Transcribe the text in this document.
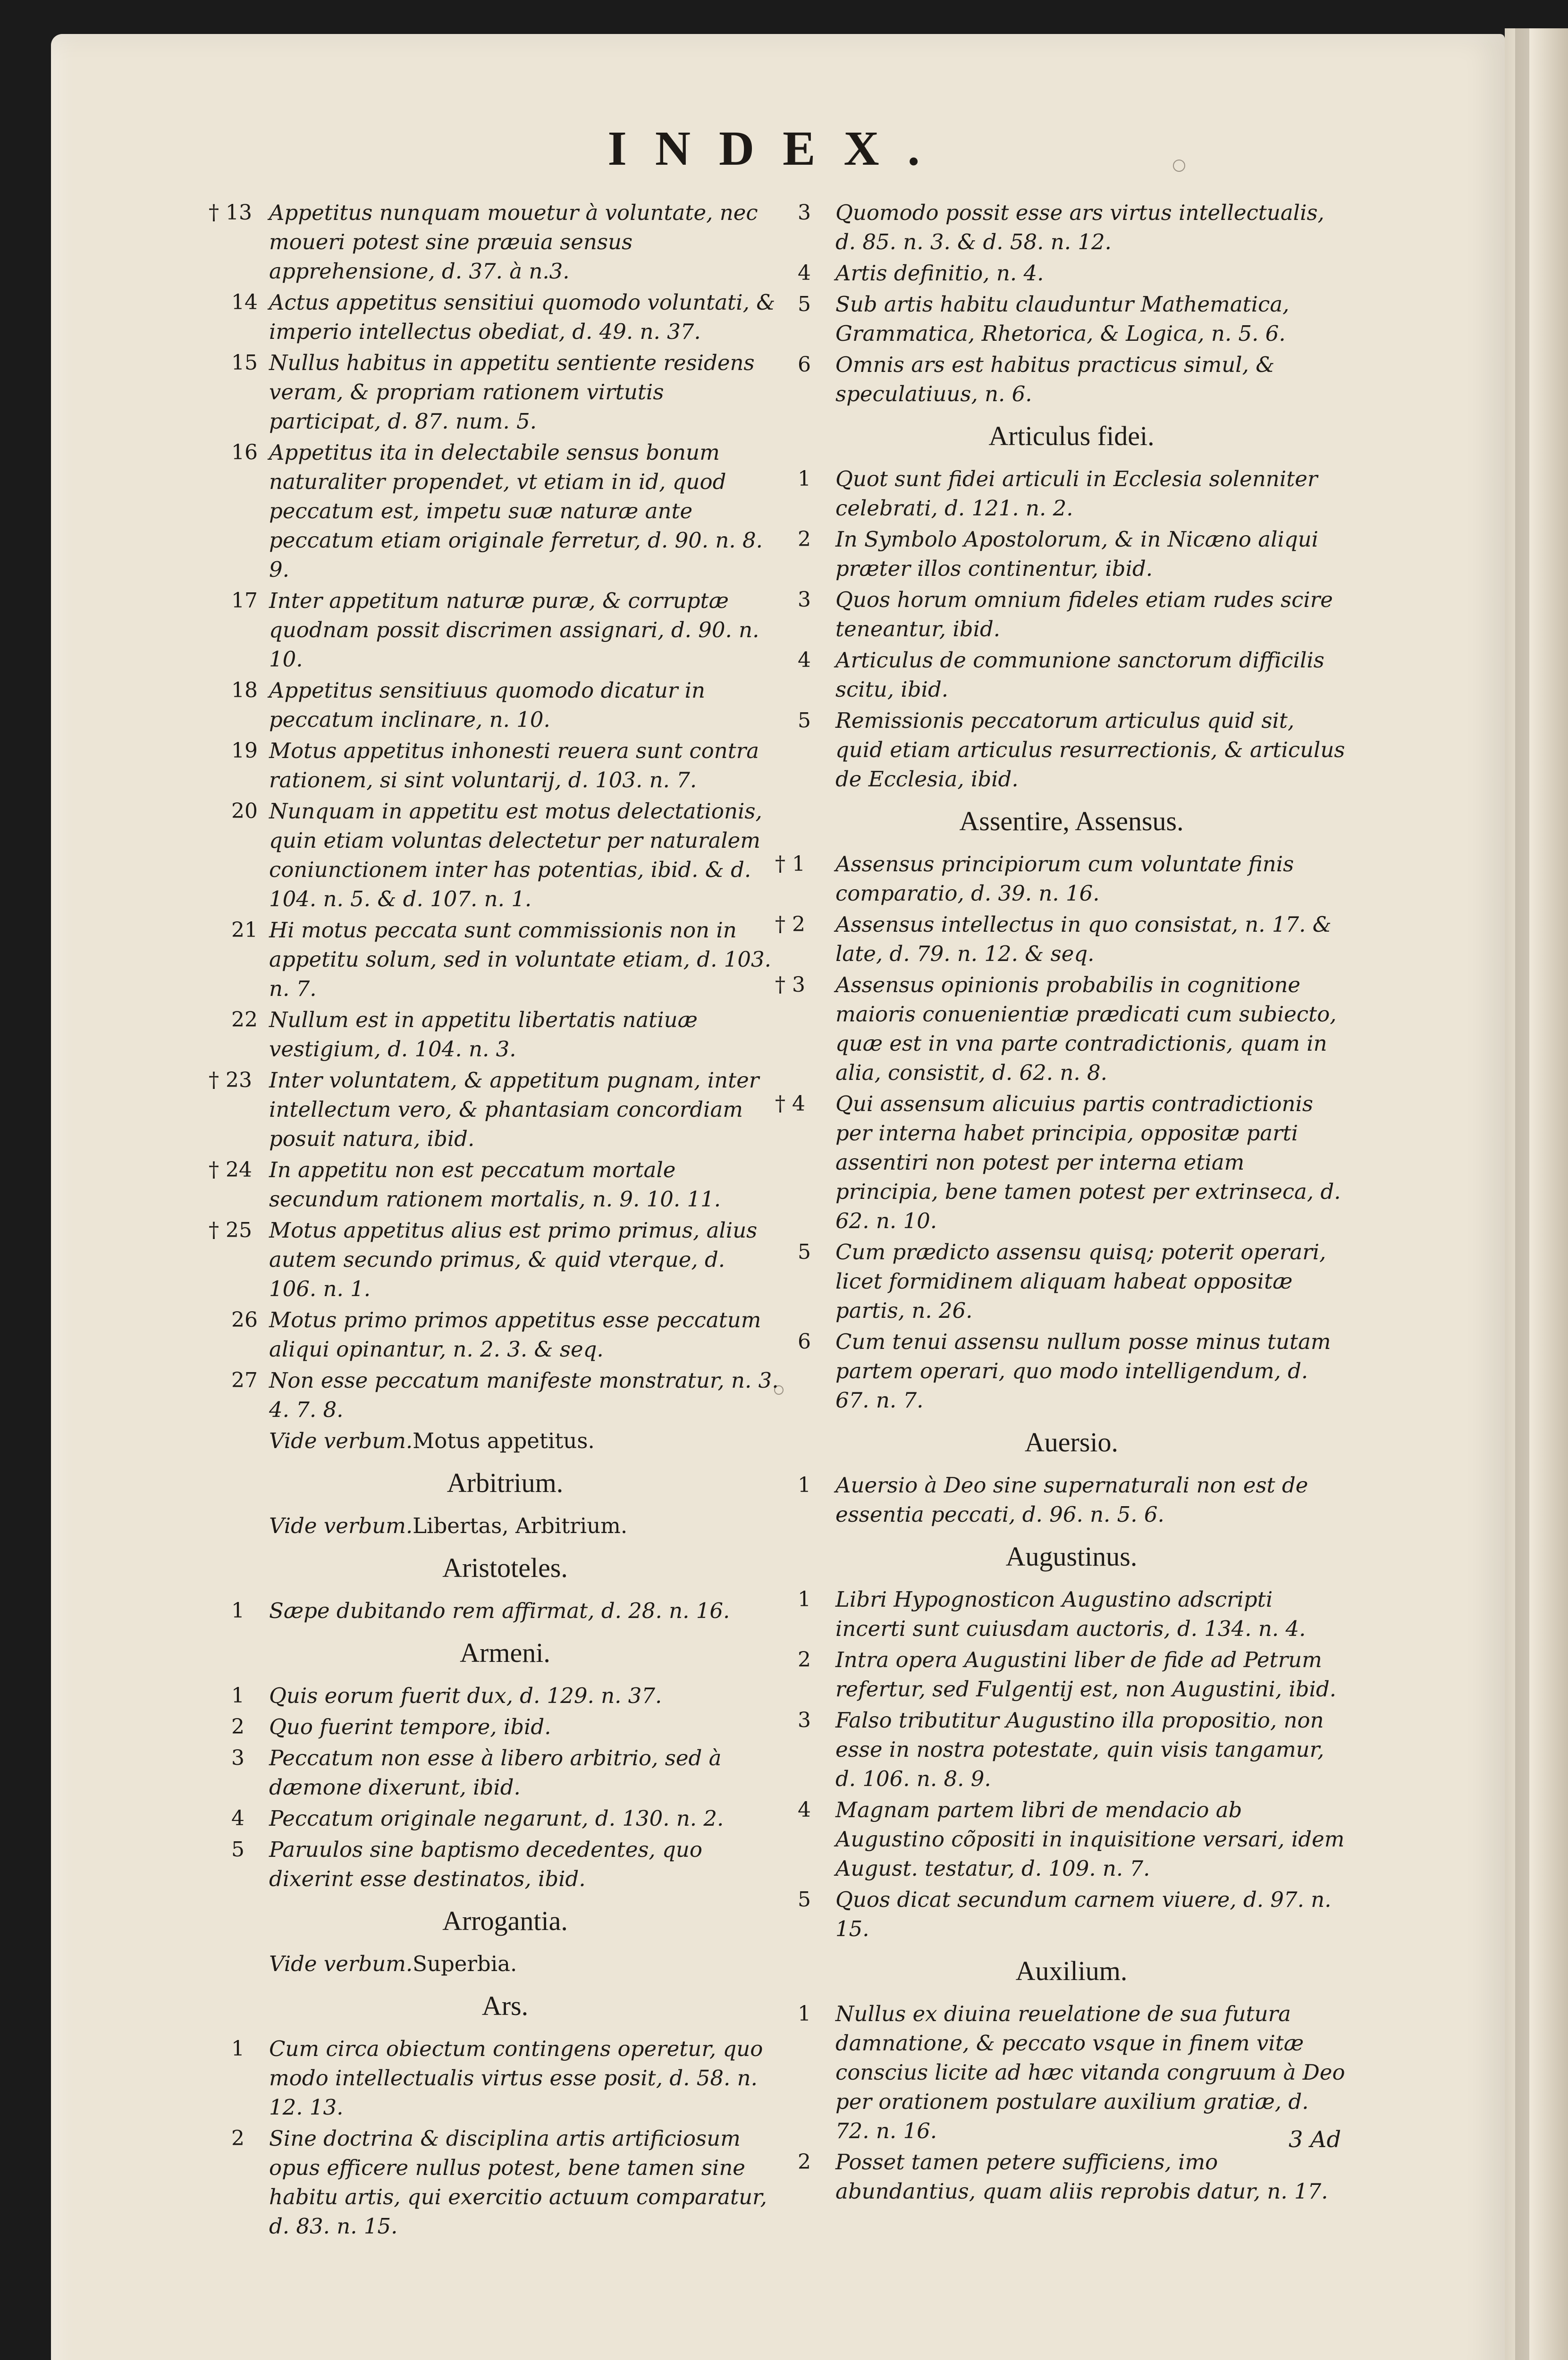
INDEX.
† 13 Appetitus nunquam mouetur à voluntate, nec moueri potest sine præuia sensus apprehensione, d. 37. à n.3.
14 Actus appetitus sensitiui quomodo voluntati, & imperio intellectus obediat, d. 49. n. 37.
15 Nullus habitus in appetitu sentiente residens veram, & propriam rationem virtutis participat, d. 87. num. 5.
16 Appetitus ita in delectabile sensus bonum naturaliter propendet, vt etiam in id, quod peccatum est, impetu suæ naturæ ante peccatum etiam originale ferretur, d. 90. n. 8. 9.
17 Inter appetitum naturæ puræ, & corruptæ quodnam possit discrimen assignari, d. 90. n. 10.
18 Appetitus sensitiuus quomodo dicatur in peccatum inclinare, n. 10.
19 Motus appetitus inhonesti reuera sunt contra rationem, si sint voluntarij, d. 103. n. 7.
20 Nunquam in appetitu est motus delectationis, quin etiam voluntas delectetur per naturalem coniunctionem inter has potentias, ibid. & d. 104. n. 5. & d. 107. n. 1.
21 Hi motus peccata sunt commissionis non in appetitu solum, sed in voluntate etiam, d. 103. n. 7.
22 Nullum est in appetitu libertatis natiuæ vestigium, d. 104. n. 3.
† 23 Inter voluntatem, & appetitum pugnam, inter intellectum vero, & phantasiam concordiam posuit natura, ibid.
† 24 In appetitu non est peccatum mortale secundum rationem mortalis, n. 9. 10. 11.
† 25 Motus appetitus alius est primo primus, alius autem secundo primus, & quid vterque, d. 106. n. 1.
26 Motus primo primos appetitus esse peccatum aliqui opinantur, n. 2. 3. & seq.
27 Non esse peccatum manifeste monstratur, n. 3. 4. 7. 8.
Vide verbum.Motus appetitus.
Arbitrium.
Vide verbum.Libertas, Arbitrium.
Aristoteles.
1	Sæpe dubitando rem affirmat, d. 28. n. 16.
Armeni.
1	Quis eorum fuerit dux, d. 129. n. 37.
2	Quo fuerint tempore, ibid.
3	Peccatum non esse à libero arbitrio, sed à dæmone dixerunt, ibid.
4	Peccatum originale negarunt, d. 130. n. 2.
5	Paruulos sine baptismo decedentes, quo dixerint esse destinatos, ibid.
Arrogantia.
Vide verbum.Superbia.
Ars.
1	Cum circa obiectum contingens operetur, quo modo intellectualis virtus esse posit, d. 58. n. 12. 13.
2	Sine doctrina & disciplina artis artificiosum opus efficere nullus potest, bene tamen sine habitu artis, qui exercitio actuum comparatur, d. 83. n. 15.
3	Quomodo possit esse ars virtus intellectualis, d. 85. n. 3. & d. 58. n. 12.
4	Artis definitio, n. 4.
5	Sub artis habitu clauduntur Mathematica, Grammatica, Rhetorica, & Logica, n. 5. 6.
6	Omnis ars est habitus practicus simul, & speculatiuus, n. 6.
Articulus fidei.
1	Quot sunt fidei articuli in Ecclesia solenniter celebrati, d. 121. n. 2.
2	In Symbolo Apostolorum, & in Nicæno aliqui præter illos continentur, ibid.
3	Quos horum omnium fideles etiam rudes scire teneantur, ibid.
4	Articulus de communione sanctorum difficilis scitu, ibid.
5	Remissionis peccatorum articulus quid sit, quid etiam articulus resurrectionis, & articulus de Ecclesia, ibid.
Assentire, Assensus.
† 1	Assensus principiorum cum voluntate finis comparatio, d. 39. n. 16.
† 2	Assensus intellectus in quo consistat, n. 17. & late, d. 79. n. 12. & seq.
† 3	Assensus opinionis probabilis in cognitione maioris conuenientiæ prædicati cum subiecto, quæ est in vna parte contradictionis, quam in alia, consistit, d. 62. n. 8.
† 4	Qui assensum alicuius partis contradictionis per interna habet principia, oppositæ parti assentiri non potest per interna etiam principia, bene tamen potest per extrinseca, d. 62. n. 10.
5	Cum prædicto assensu quisq; poterit operari, licet formidinem aliquam habeat oppositæ partis, n. 26.
6	Cum tenui assensu nullum posse minus tutam partem operari, quo modo intelligendum, d. 67. n. 7.
Auersio.
1	Auersio à Deo sine supernaturali non est de essentia peccati, d. 96. n. 5. 6.
Augustinus.
1	Libri Hypognosticon Augustino adscripti incerti sunt cuiusdam auctoris, d. 134. n. 4.
2	Intra opera Augustini liber de fide ad Petrum refertur, sed Fulgentij est, non Augustini, ibid.
3	Falso tributitur Augustino illa propositio, non esse in nostra potestate, quin visis tangamur, d. 106. n. 8. 9.
4	Magnam partem libri de mendacio ab Augustino cõpositi in inquisitione versari, idem August. testatur, d. 109. n. 7.
5	Quos dicat secundum carnem viuere, d. 97. n. 15.
Auxilium.
1	Nullus ex diuina reuelatione de sua futura damnatione, & peccato vsque in finem vitæ conscius licite ad hæc vitanda congruum à Deo per orationem postulare auxilium gratiæ, d. 72. n. 16.
2	Posset tamen petere sufficiens, imo abundantius, quam aliis reprobis datur, n. 17.
3 Ad
